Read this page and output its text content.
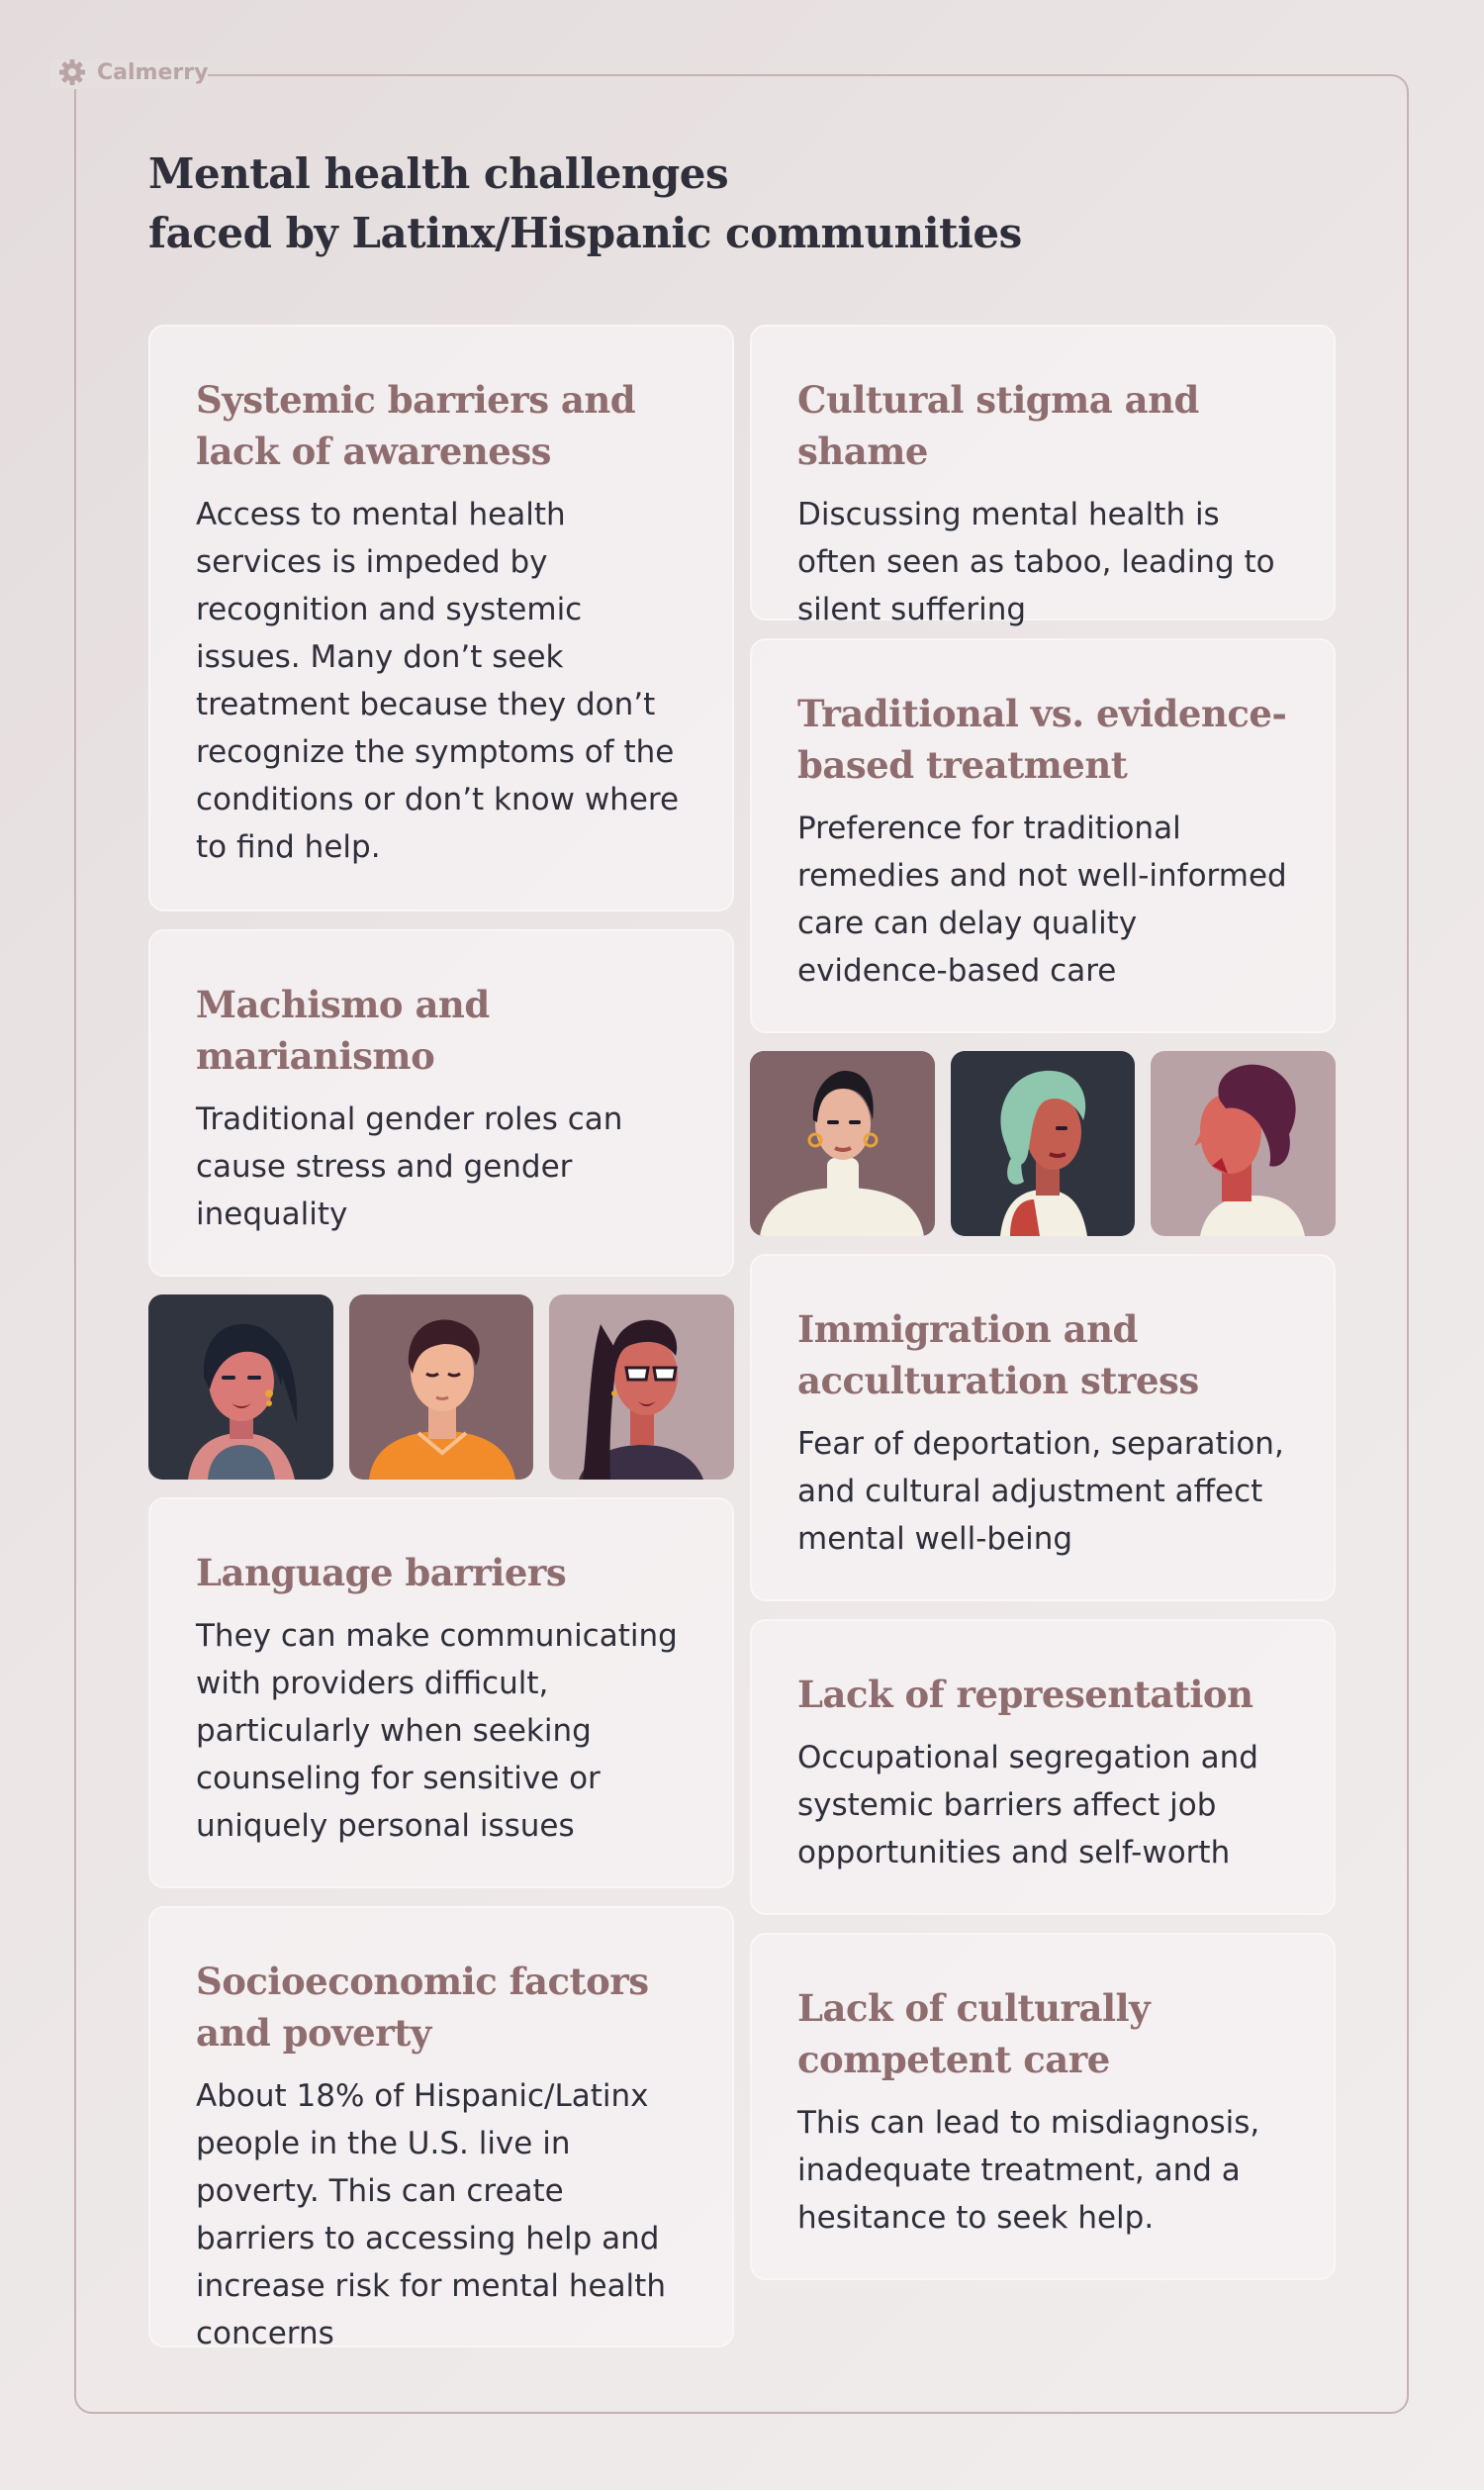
Calmerry
Mental health challenges
faced by Latinx/Hispanic communities
Systemic barriers and lack of awareness

Access to mental health services is impeded by recognition and systemic issues. Many don’t seek treatment because they don’t recognize the symptoms of the conditions or don’t know where to find help.

Machismo and marianismo

Traditional gender roles can cause stress and gender inequality

Language barriers

They can make communicating with providers difficult, particularly when seeking counseling for sensitive or uniquely personal issues

Socioeconomic factors and poverty

About 18% of Hispanic/Latinx people in the U.S. live in poverty. This can create barriers to accessing help and increase risk for mental health concerns

Cultural stigma and shame

Discussing mental health is often seen as taboo, leading to silent suffering

Traditional vs. evidence-based treatment

Preference for traditional remedies and not well-informed care can delay quality evidence-based care

Immigration and acculturation stress

Fear of deportation, separation, and cultural adjustment affect mental well-being

Lack of representation

Occupational segregation and systemic barriers affect job opportunities and self-worth

Lack of culturally competent care

This can lead to misdiagnosis, inadequate treatment, and a hesitance to seek help.
